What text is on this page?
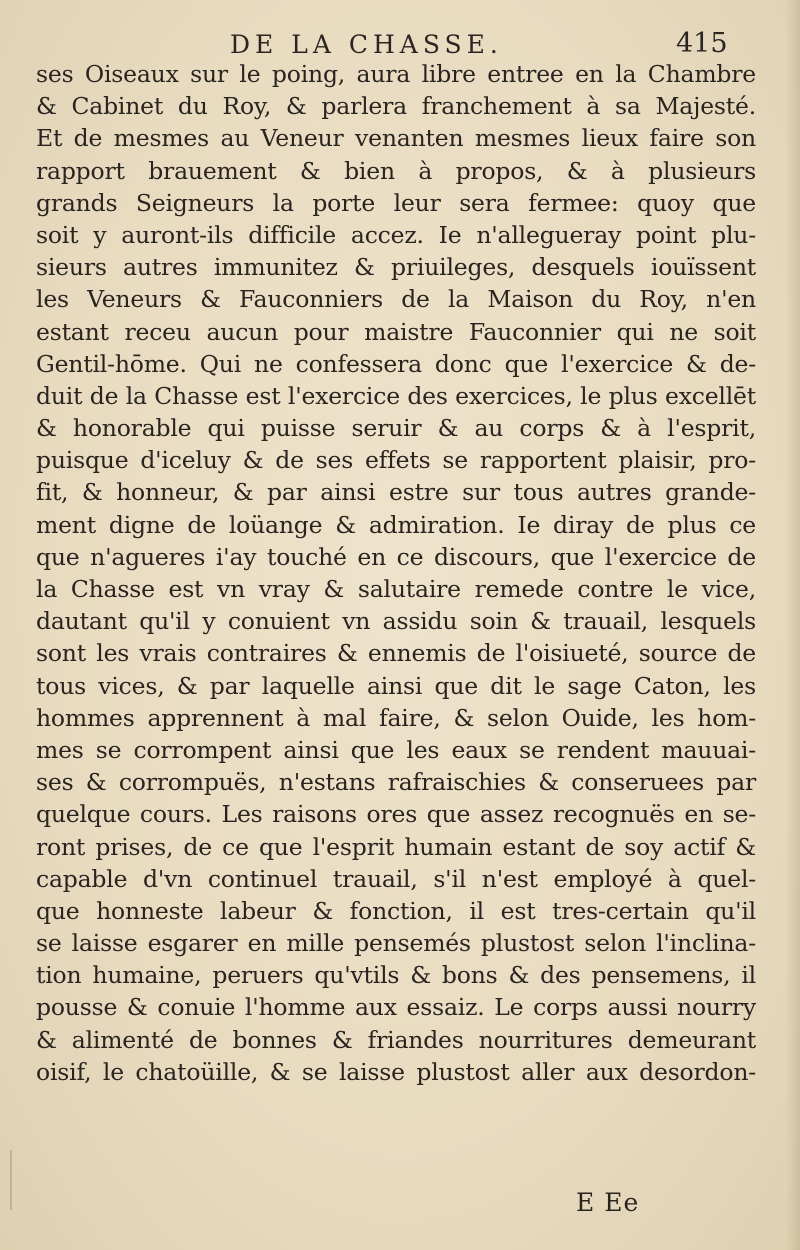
DE LA CHASSE.	415
ses Oiseaux sur le poing, aura libre entree en la Chambre
& Cabinet du Roy, & parlera franchement à sa Majesté.
Et de mesmes au Veneur venanten mesmes lieux faire son
rapport brauement & bien à propos, & à plusieurs
grands Seigneurs la porte leur sera fermee: quoy que
soit y auront-ils difficile accez. Ie n'allegueray point plu-
sieurs autres immunitez & priuileges, desquels iouïssent
les Veneurs & Fauconniers de la Maison du Roy, n'en
estant receu aucun pour maistre Fauconnier qui ne soit
Gentil-hōme. Qui ne confessera donc que l'exercice & de-
duit de la Chasse est l'exercice des exercices, le plus excellēt
& honorable qui puisse seruir & au corps & à l'esprit,
puisque d'iceluy & de ses effets se rapportent plaisir, pro-
fit, & honneur, & par ainsi estre sur tous autres grande-
ment digne de loüange & admiration. Ie diray de plus ce
que n'agueres i'ay touché en ce discours, que l'exercice de
la Chasse est vn vray & salutaire remede contre le vice,
dautant qu'il y conuient vn assidu soin & trauail, lesquels
sont les vrais contraires & ennemis de l'oisiueté, source de
tous vices, & par laquelle ainsi que dit le sage Caton, les
hommes apprennent à mal faire, & selon Ouide, les hom-
mes se corrompent ainsi que les eaux se rendent mauuai-
ses & corrompuës, n'estans rafraischies & conseruees par
quelque cours. Les raisons ores que assez recognuës en se-
ront prises, de ce que l'esprit humain estant de soy actif &
capable d'vn continuel trauail, s'il n'est employé à quel-
que honneste labeur & fonction, il est tres-certain qu'il
se laisse esgarer en mille pensemés plustost selon l'inclina-
tion humaine, peruers qu'vtils & bons & des pensemens, il
pousse & conuie l'homme aux essaiz. Le corps aussi nourry
& alimenté de bonnes & friandes nourritures demeurant
oisif, le chatoüille, & se laisse plustost aller aux desordon-
E Ee
